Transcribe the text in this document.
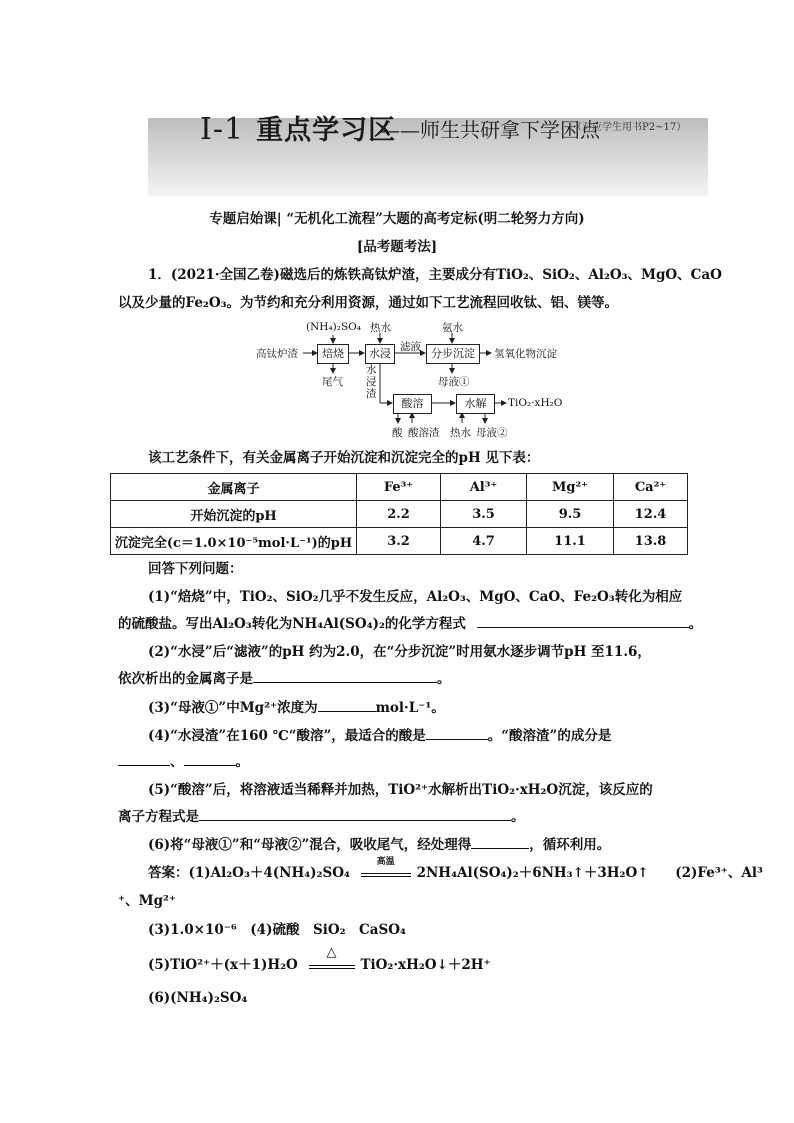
I-1 重点学习区
——师生共研拿下学困点
（对应学生用书P2~17）
专题启始课| “无机化工流程”大题的高考定标(明二轮努力方向)
[品考题考法]
1．(2021·全国乙卷)磁选后的炼铁高钛炉渣，主要成分有TiO₂、SiO₂、Al₂O₃、MgO、CaO
以及少量的Fe₂O₃。为节约和充分利用资源，通过如下工艺流程回收钛、铝、镁等。
焙烧	水浸	分步沉淀
酸溶	水解
高钛炉渣
(NH₄)₂SO₄ 热水	氨水
滤液
氢氧化物沉淀
尾气	母液①
水
浸
渣
TiO₂·xH₂O
酸 酸溶渣 热水 母液②
该工艺条件下，有关金属离子开始沉淀和沉淀完全的pH 见下表：
金属离子	Fe³⁺	Al³⁺	Mg²⁺	Ca²⁺
开始沉淀的pH	2.2	3.5	9.5	12.4
沉淀完全(c＝1.0×10⁻⁵mol·L⁻¹)的pH	3.2	4.7	11.1	13.8
回答下列问题：
(1)“焙烧”中，TiO₂、SiO₂几乎不发生反应，Al₂O₃、MgO、CaO、Fe₂O₃转化为相应
的硫酸盐。写出Al₂O₃转化为NH₄Al(SO₄)₂的化学方程式	。
(2)“水浸”后“滤液”的pH 约为2.0，在“分步沉淀”时用氨水逐步调节pH 至11.6，
依次析出的金属离子是	。
(3)“母液①”中Mg²⁺浓度为	mol·L⁻¹。
(4)“水浸渣”在160 ℃“酸溶”，最适合的酸是	。“酸溶渣”的成分是
、	。
(5)“酸溶”后，将溶液适当稀释并加热，TiO²⁺水解析出TiO₂·xH₂O沉淀，该反应的
离子方程式是	。
(6)将“母液①”和“母液②”混合，吸收尾气，经处理得	，循环利用。
答案：(1)Al₂O₃＋4(NH₄)₂SO₄
高温
2NH₄Al(SO₄)₂＋6NH₃↑＋3H₂O↑ (2)Fe³⁺、Al³
⁺、Mg²⁺
(3)1.0×10⁻⁶　(4)硫酸　SiO₂　CaSO₄
(5)TiO²⁺＋(x＋1)H₂O
△
TiO₂·xH₂O↓＋2H⁺
(6)(NH₄)₂SO₄
